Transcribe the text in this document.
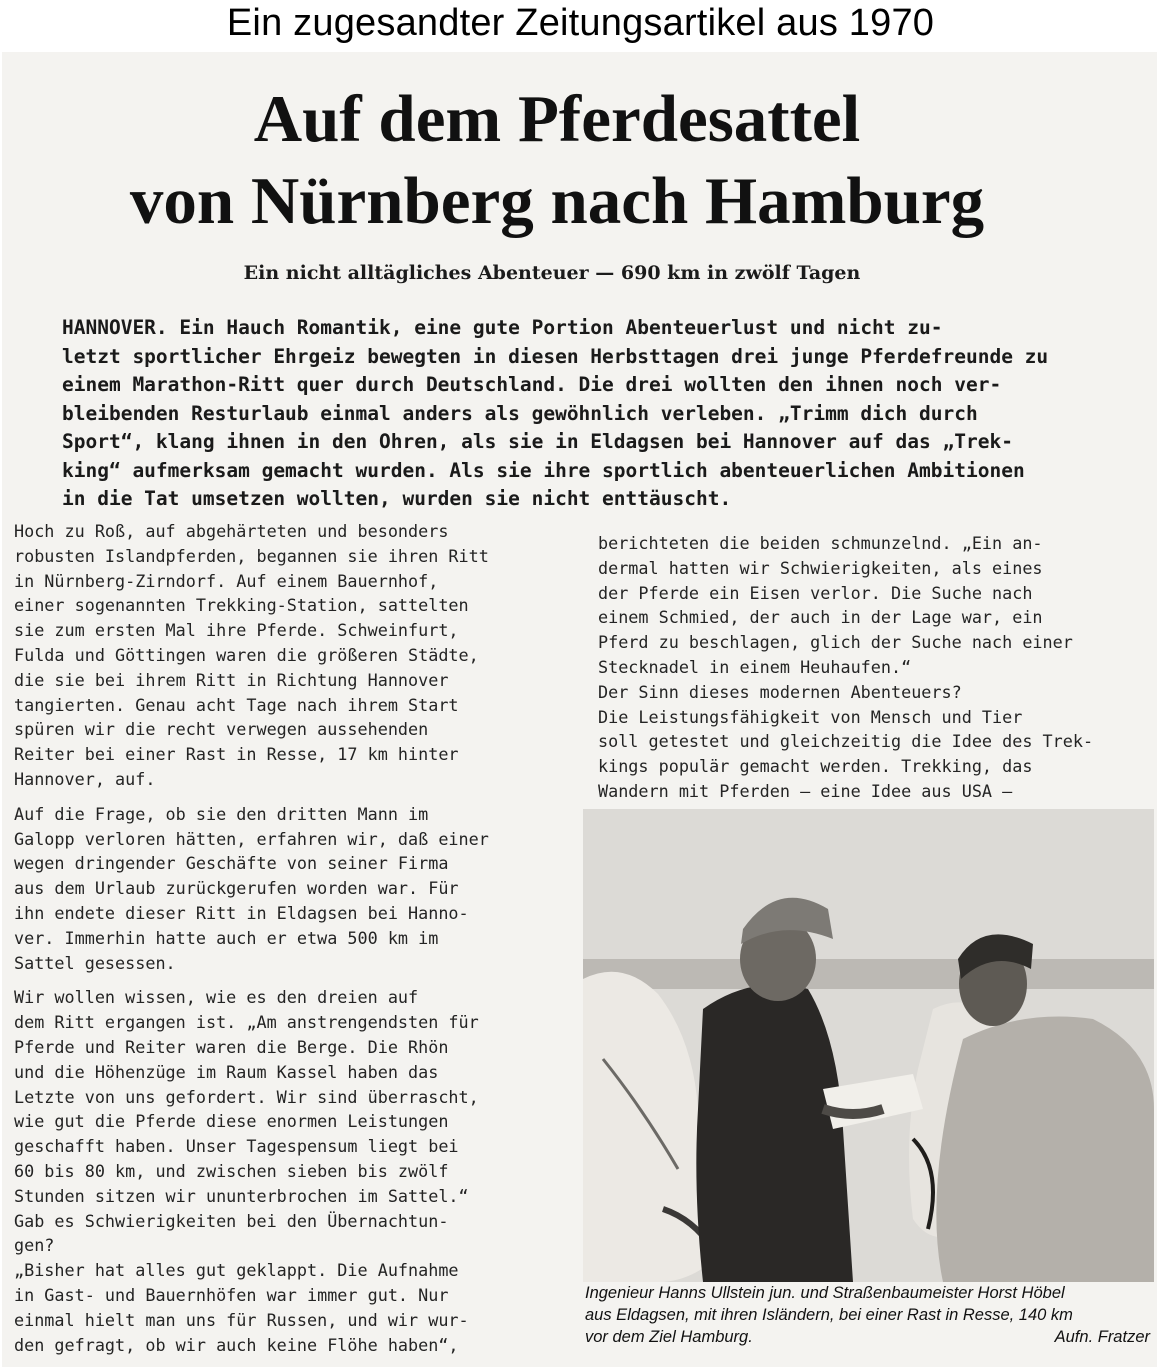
Ein zugesandter Zeitungsartikel aus 1970
Auf dem Pferdesattel
von Nürnberg nach Hamburg
Ein nicht alltägliches Abenteuer — 690 km in zwölf Tagen
HANNOVER. Ein Hauch Romantik, eine gute Portion Abenteuerlust und nicht zu-
letzt sportlicher Ehrgeiz bewegten in diesen Herbsttagen drei junge Pferdefreunde zu
einem Marathon-Ritt quer durch Deutschland. Die drei wollten den ihnen noch ver-
bleibenden Resturlaub einmal anders als gewöhnlich verleben. „Trimm dich durch
Sport“, klang ihnen in den Ohren, als sie in Eldagsen bei Hannover auf das „Trek-
king“ aufmerksam gemacht wurden. Als sie ihre sportlich abenteuerlichen Ambitionen
in die Tat umsetzen wollten, wurden sie nicht enttäuscht.
Hoch zu Roß, auf abgehärteten und besonders
robusten Islandpferden, begannen sie ihren Ritt
in Nürnberg-Zirndorf. Auf einem Bauernhof,
einer sogenannten Trekking-Station, sattelten
sie zum ersten Mal ihre Pferde. Schweinfurt,
Fulda und Göttingen waren die größeren Städte,
die sie bei ihrem Ritt in Richtung Hannover
tangierten. Genau acht Tage nach ihrem Start
spüren wir die recht verwegen aussehenden
Reiter bei einer Rast in Resse, 17 km hinter
Hannover, auf.
Auf die Frage, ob sie den dritten Mann im
Galopp verloren hätten, erfahren wir, daß einer
wegen dringender Geschäfte von seiner Firma
aus dem Urlaub zurückgerufen worden war. Für
ihn endete dieser Ritt in Eldagsen bei Hanno-
ver. Immerhin hatte auch er etwa 500 km im
Sattel gesessen.
Wir wollen wissen, wie es den dreien auf
dem Ritt ergangen ist. „Am anstrengendsten für
Pferde und Reiter waren die Berge. Die Rhön
und die Höhenzüge im Raum Kassel haben das
Letzte von uns gefordert. Wir sind überrascht,
wie gut die Pferde diese enormen Leistungen
geschafft haben. Unser Tagespensum liegt bei
60 bis 80 km, und zwischen sieben bis zwölf
Stunden sitzen wir ununterbrochen im Sattel.“
Gab es Schwierigkeiten bei den Übernachtun-
gen?
„Bisher hat alles gut geklappt. Die Aufnahme
in Gast- und Bauernhöfen war immer gut. Nur
einmal hielt man uns für Russen, und wir wur-
den gefragt, ob wir auch keine Flöhe haben“,
berichteten die beiden schmunzelnd. „Ein an-
dermal hatten wir Schwierigkeiten, als eines
der Pferde ein Eisen verlor. Die Suche nach
einem Schmied, der auch in der Lage war, ein
Pferd zu beschlagen, glich der Suche nach einer
Stecknadel in einem Heuhaufen.“
Der Sinn dieses modernen Abenteuers?
Die Leistungsfähigkeit von Mensch und Tier
soll getestet und gleichzeitig die Idee des Trek-
kings populär gemacht werden. Trekking, das
Wandern mit Pferden — eine Idee aus USA —
Ingenieur Hanns Ullstein jun. und Straßenbaumeister Horst Höbel
aus Eldagsen, mit ihren Isländern, bei einer Rast in Resse, 140 km
vor dem Ziel Hamburg.	Aufn. Fratzer
